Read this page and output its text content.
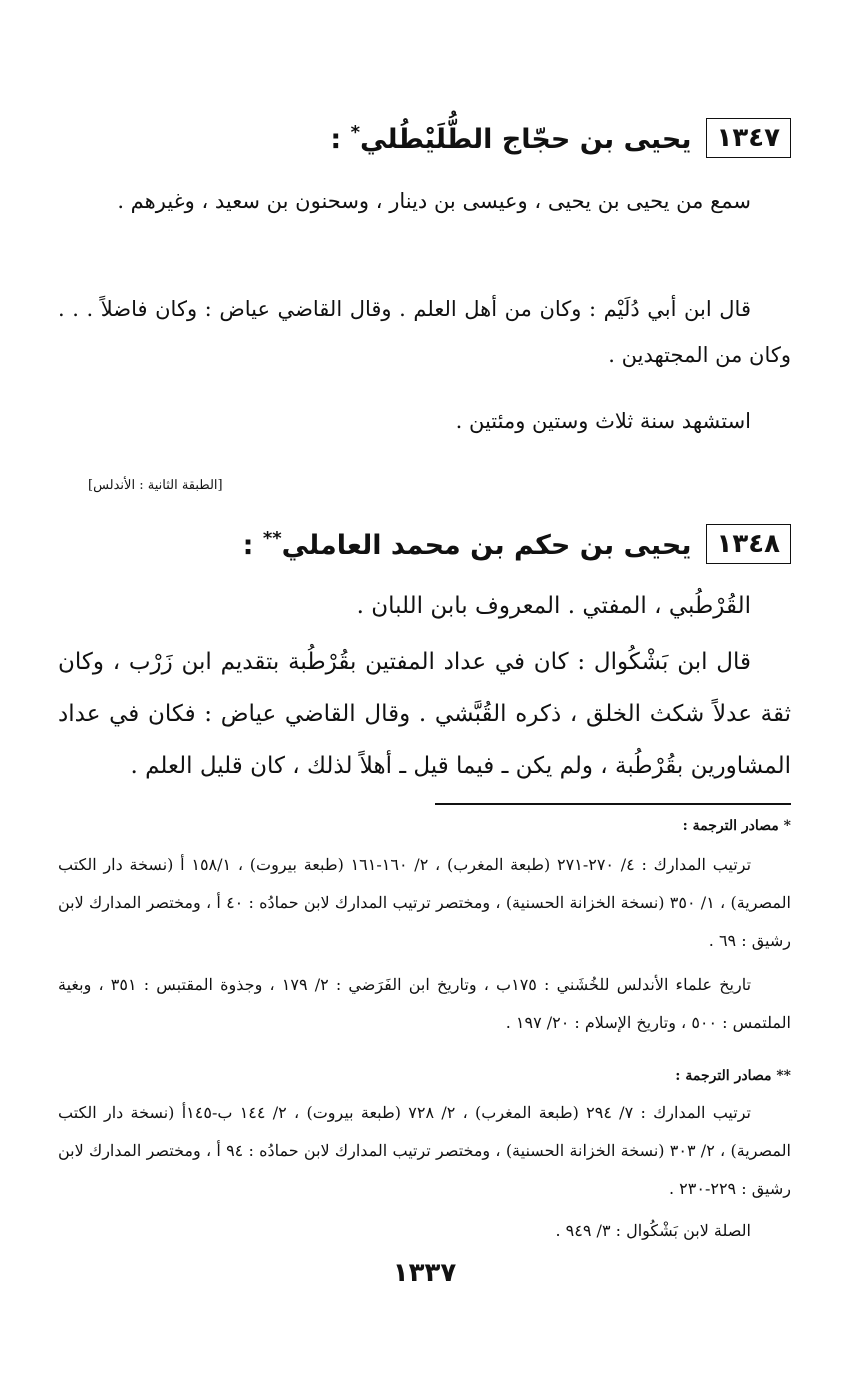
١٣٤٧
يحيى بن حجّاج الطُّلَيْطُلي* :
سمع من يحيى بن يحيى ، وعيسى بن دينار ، وسحنون بن سعيد ، وغيرهم .
قال ابن أبي دُلَيْم : وكان من أهل العلم . وقال القاضي عياض : وكان فاضلاً . . . وكان من المجتهدين .
استشهد سنة ثلاث وستين ومئتين .
[الطبقة الثانية : الأندلس]
١٣٤٨
يحيى بن حكم بن محمد العاملي** :
القُرْطُبي ، المفتي . المعروف بابن اللبان .
قال ابن بَشْكُوال : كان في عداد المفتين بقُرْطُبة بتقديم ابن زَرْب ، وكان ثقة عدلاً شكث الخلق ، ذكره القُبَّشي . وقال القاضي عياض : فكان في عداد المشاورين بقُرْطُبة ، ولم يكن ـ فيما قيل ـ أهلاً لذلك ، كان قليل العلم .
* مصادر الترجمة :
ترتيب المدارك : ٤/ ٢٧٠-٢٧١ (طبعة المغرب) ، ٢/ ١٦٠-١٦١ (طبعة بيروت) ، ١٥٨/١ أ (نسخة دار الكتب المصرية) ، ١/ ٣٥٠ (نسخة الخزانة الحسنية) ، ومختصر ترتيب المدارك لابن حمادُه : ٤٠ أ ، ومختصر المدارك لابن رشيق : ٦٩ .
تاريخ علماء الأندلس للخُشَني : ١٧٥ب ، وتاريخ ابن الفَرَضي : ٢/ ١٧٩ ، وجذوة المقتبس : ٣٥١ ، وبغية الملتمس : ٥٠٠ ، وتاريخ الإسلام : ٢٠/ ١٩٧ .
** مصادر الترجمة :
ترتيب المدارك : ٧/ ٢٩٤ (طبعة المغرب) ، ٢/ ٧٢٨ (طبعة بيروت) ، ٢/ ١٤٤ ب-١٤٥أ (نسخة دار الكتب المصرية) ، ٢/ ٣٠٣ (نسخة الخزانة الحسنية) ، ومختصر ترتيب المدارك لابن حمادُه : ٩٤ أ ، ومختصر المدارك لابن رشيق : ٢٢٩-٢٣٠ .
الصلة لابن بَشْكُوال : ٣/ ٩٤٩ .
١٣٣٧
